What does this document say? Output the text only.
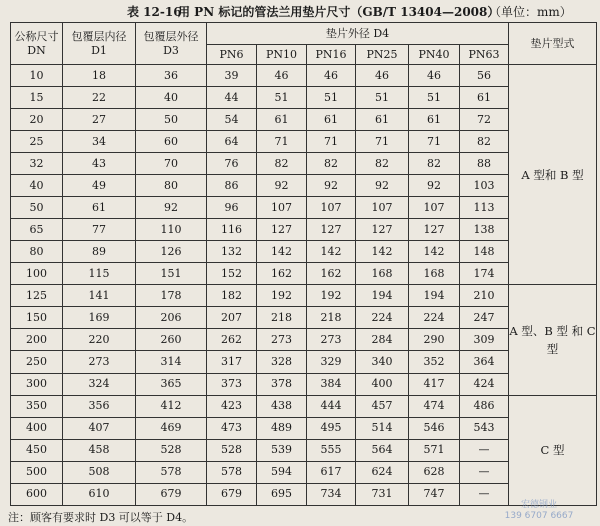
表 12-16
用 PN 标记的管法兰用垫片尺寸（GB/T 13404—2008）
（单位：mm）
公称尺寸 DN	包覆层内径 D1	包覆层外径 D3	垫片外径 D4						垫片型式
			PN6	PN10	PN16	PN25	PN40	PN63	
10	18	36	39	46	46	46	46	56	A 型和 B 型
15	22	40	44	51	51	51	51	61	
20	27	50	54	61	61	61	61	72	
25	34	60	64	71	71	71	71	82	
32	43	70	76	82	82	82	82	88	
40	49	80	86	92	92	92	92	103	
50	61	92	96	107	107	107	107	113	
65	77	110	116	127	127	127	127	138	
80	89	126	132	142	142	142	142	148	
100	115	151	152	162	162	168	168	174	
125	141	178	182	192	192	194	194	210	A 型、B 型 和 C 型
150	169	206	207	218	218	224	224	247	
200	220	260	262	273	273	284	290	309	
250	273	314	317	328	329	340	352	364	
300	324	365	373	378	384	400	417	424	
350	356	412	423	438	444	457	474	486	C 型
400	407	469	473	489	495	514	546	543	
450	458	528	528	539	555	564	571	—	
500	508	578	578	594	617	624	628	—	
600	610	679	679	695	734	731	747	—	
注：顾客有要求时 D3 可以等于 D4。
宏德钢业
139 6707 6667
